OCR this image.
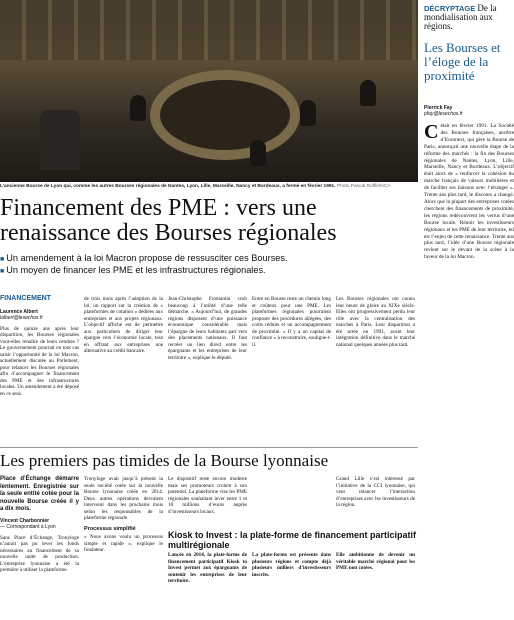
L’ancienne Bourse de Lyon qui, comme les autres Bourses régionales de Nantes, Lyon, Lille, Marseille, Nancy et Bordeaux, a fermé en février 1991. Photo Pascal Ruffié/NCA
DÉCRYPTAGE De la mondialisation aux régions.
Les Bourses et l’éloge de la proximité
Pierrick Fay
pfay@lesechos.fr
Cétait en février 1991. La Société des Bourses françaises, ancêtre d’Euronext, qui gère la Bourse de Paris, annonçait une nouvelle étape de la réforme des marchés : la fin des Bourses régionales de Nantes, Lyon, Lille, Marseille, Nancy et Bordeaux. L’objectif était alors de « renforcer la cohésion du marché français de valeurs mobilières et de faciliter ses liaisons avec l’étranger ». Trente ans plus tard, le discours a changé. Alors que la plupart des entreprises cotées cherchent des financements de proximité, les régions redécouvrent les vertus d’une Bourse locale. Réunir les investisseurs régionaux et les PME de leur territoire, tel est l’enjeu de cette renaissance. Trente ans plus tard, l’idée d’une Bourse régionale revient sur le devant de la scène à la faveur de la loi Macron.
Financement des PME : vers une renaissance des Bourses régionales
■ Un amendement à la loi Macron propose de ressusciter ces Bourses.
■ Un moyen de financer les PME et les infrastructures régionales.
FINANCEMENT
Laurence Albert
lalbert@lesechos.fr
Plus de quinze ans après leur disparition, les Bourses régionales vont-elles renaître de leurs cendres ? Le gouvernement pourrait en tout cas saisir l’opportunité de la loi Macron, actuellement discutée au Parlement, pour relancer les Bourses régionales afin d’accompagner le financement des PME et des infrastructures locales. Un amendement a été déposé en ce sens.
de trois mois après l’adoption de la loi, un rapport sur la création de « plateformes de cotation » dédiées aux entreprises et aux projets régionaux. L’objectif affiché est de permettre aux particuliers de diriger leur épargne vers l’économie locale, tout en offrant aux entreprises une alternative au crédit bancaire.
Jean-Christophe Fromantin croit beaucoup à l’utilité d’une telle démarche. « Aujourd’hui, de grandes régions disposent d’une puissance économique considérable mais l’épargne de leurs habitants part vers des placements nationaux. Il faut recréer un lien direct entre les épargnants et les entreprises de leur territoire », explique le député.
Entre en Bourse reste un chemin long et coûteux pour une PME. Les plateformes régionales pourraient proposer des procédures allégées, des coûts réduits et un accompagnement de proximité. « Il y a un capital de confiance » à reconstruire, souligne-t-il.
Les Bourses régionales ont connu leur heure de gloire au XIXe siècle. Elles ont progressivement perdu leur rôle avec la centralisation des marchés à Paris. Leur disparition a été actée en 1991, avant leur intégration définitive dans le marché national quelques années plus tard.
Les premiers pas timides de la Bourse lyonnaise
Place d’Échange démarre lentement. Enregistrée sur la seule entité cotée pour la nouvelle Bourse créée il y a dix mois.
Vincent Charbonnier
— Correspondant à Lyon
Sans Place d’Échange, Tronyloge n’aurait pas pu lever les fonds nécessaires au financement de sa nouvelle unité de production. L’entreprise lyonnaise a été la première à utiliser la plateforme.
Tronyloge avait jusqu’à présent la seule société cotée sur la nouvelle Bourse lyonnaise créée en 2014. Deux autres opérations devraient intervenir dans les prochains mois selon les responsables de la plateforme régionale.
Processus simplifié
« Nous avons voulu un processus simple et rapide », explique le fondateur.
Le dispositif reste encore modeste mais ses promoteurs croient à son potentiel. La plateforme vise les PME régionales souhaitant lever entre 1 et 10 millions d’euros auprès d’investisseurs locaux.
Grand Lille s’est intéressé par l’initiative de la CCI lyonnaise, qui veut relancer l’interaction d’entreprises avec les investisseurs de la région.
Kiosk to Invest : la plate-forme de financement participatif multirégionale
Lancée en 2014, la plate-forme de financement participatif Kiosk to Invest permet aux épargnants de soutenir les entreprises de leur territoire.
La plate-forme est présente dans plusieurs régions et compte déjà plusieurs milliers d’investisseurs inscrits.
Elle ambitionne de devenir un véritable marché régional pour les PME non cotées.
